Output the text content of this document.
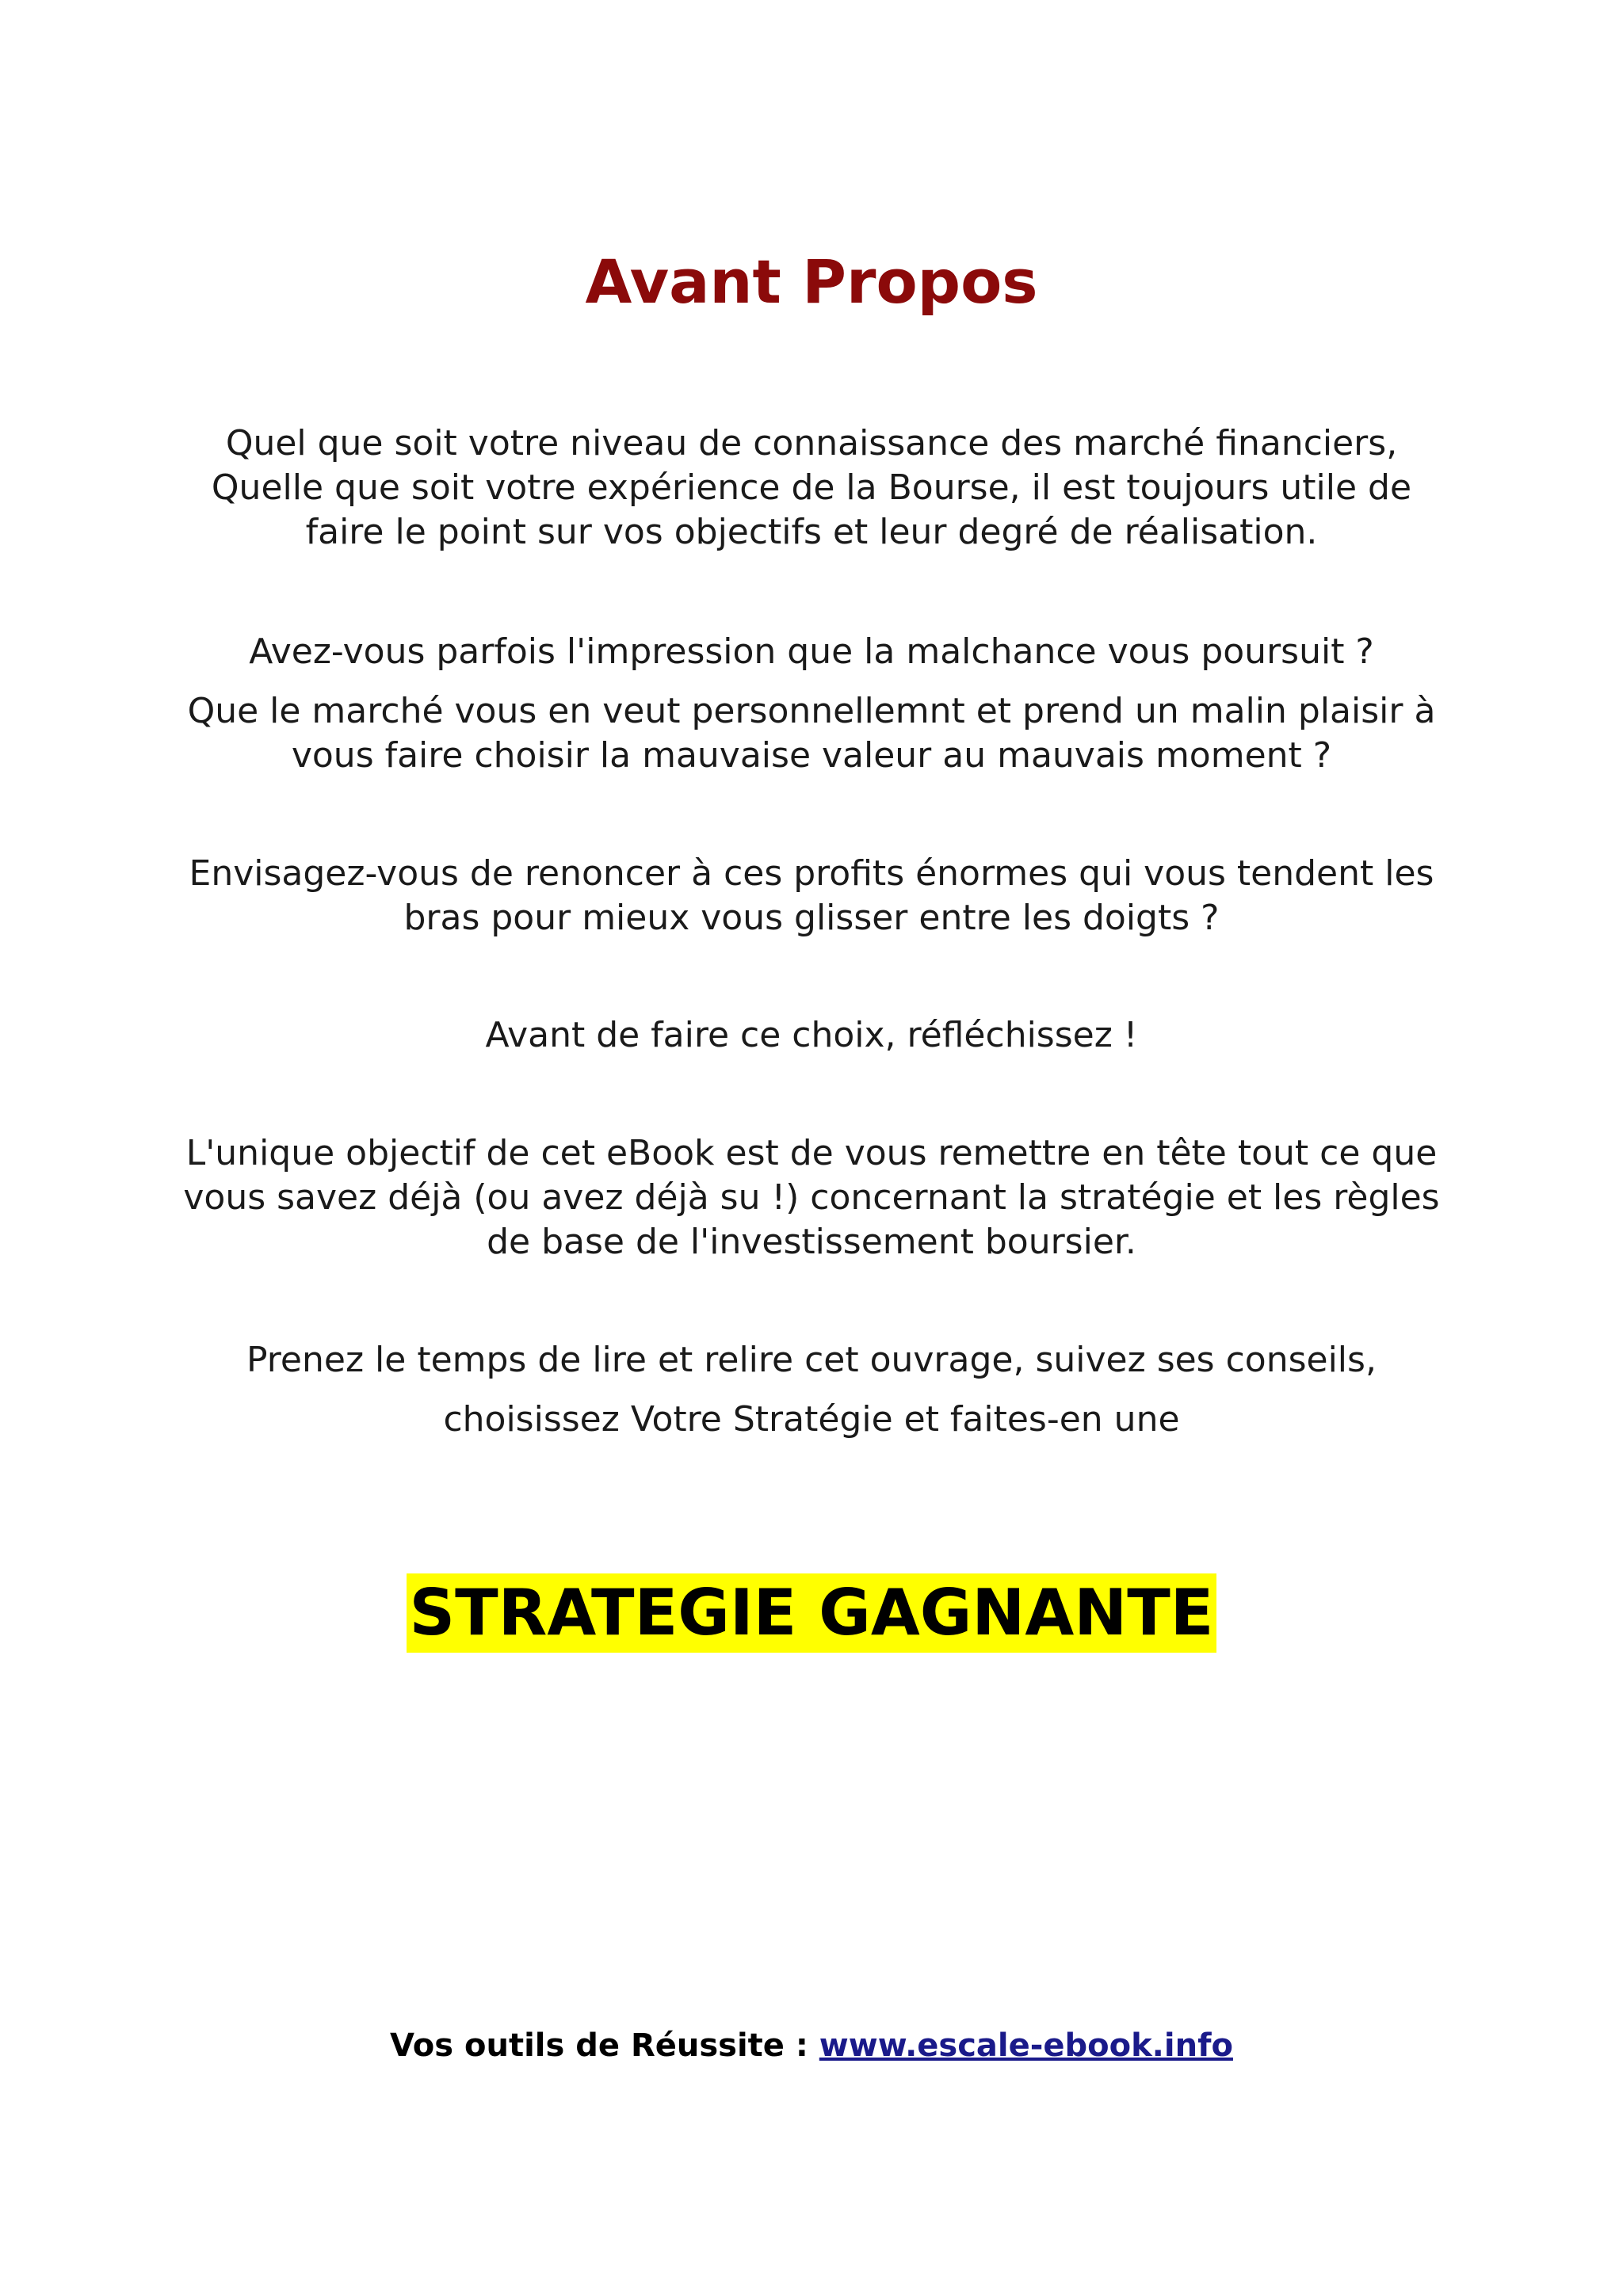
Avant Propos

Quel que soit votre niveau de connaissance des marché financiers,
Quelle que soit votre expérience de la Bourse, il est toujours utile de
faire le point sur vos objectifs et leur degré de réalisation.

Avez-vous parfois l'impression que la malchance vous poursuit ?

Que le marché vous en veut personnellemnt et prend un malin plaisir à
vous faire choisir la mauvaise valeur au mauvais moment ?

Envisagez-vous de renoncer à ces profits énormes qui vous tendent les
bras pour mieux vous glisser entre les doigts ?

Avant de faire ce choix, réfléchissez !

L'unique objectif de cet eBook est de vous remettre en tête tout ce que
vous savez déjà (ou avez déjà su !) concernant la stratégie et les règles
de base de l'investissement boursier.

Prenez le temps de lire et relire cet ouvrage, suivez ses conseils,

choisissez Votre Stratégie et faites-en une

STRATEGIE GAGNANTE
Vos outils de Réussite : www.escale-ebook.info
